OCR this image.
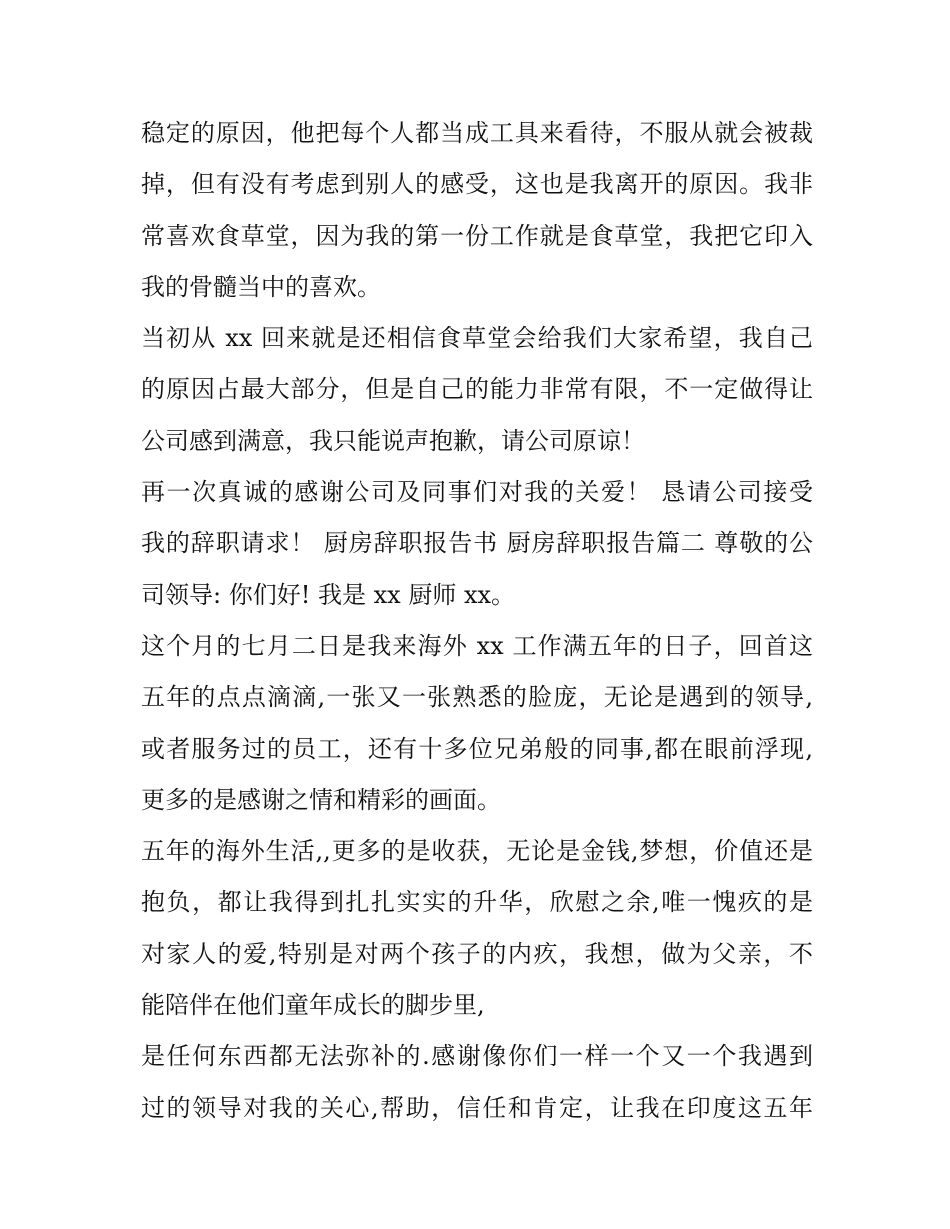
稳定的原因，他把每个人都当成工具来看待，不服从就会被裁
掉，但有没有考虑到别人的感受，这也是我离开的原因。我非
常喜欢食草堂，因为我的第一份工作就是食草堂，我把它印入
我的骨髓当中的喜欢。
当初从 xx 回来就是还相信食草堂会给我们大家希望，我自己
的原因占最大部分，但是自己的能力非常有限，不一定做得让
公司感到满意，我只能说声抱歉，请公司原谅！
再一次真诚的感谢公司及同事们对我的关爱！ 恳请公司接受
我的辞职请求！ 厨房辞职报告书 厨房辞职报告篇二 尊敬的公
司领导: 你们好! 我是 xx 厨师 xx。
这个月的七月二日是我来海外 xx 工作满五年的日子，回首这
五年的点点滴滴,一张又一张熟悉的脸庞，无论是遇到的领导,
或者服务过的员工，还有十多位兄弟般的同事,都在眼前浮现,
更多的是感谢之情和精彩的画面。
五年的海外生活,,更多的是收获，无论是金钱,梦想，价值还是
抱负，都让我得到扎扎实实的升华，欣慰之余,唯一愧疚的是
对家人的爱,特别是对两个孩子的内疚，我想，做为父亲，不
能陪伴在他们童年成长的脚步里,
是任何东西都无法弥补的.感谢像你们一样一个又一个我遇到
过的领导对我的关心,帮助，信任和肯定，让我在印度这五年
